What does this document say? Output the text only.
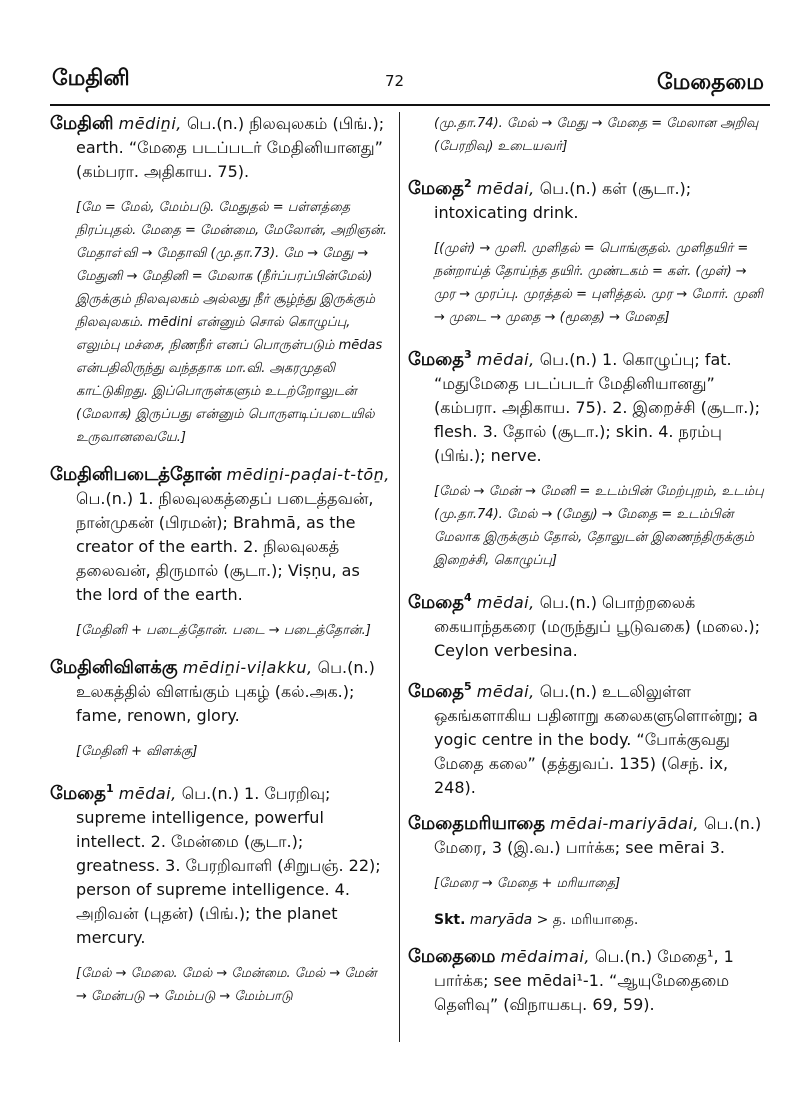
மேதினி	72	மேதைமை

மேதினி mēdiṉi, பெ.(n.) நிலவுலகம் (பிங்.); earth. “மேதை படப்படர் மேதினியானது” (கம்பரா. அதிகாய. 75).

[மே = மேல், மேம்படு. மேதுதல் = பள்ளத்தை நிரப்புதல். மேதை = மேன்மை, மேலோன், அறிஞன். மேதாஎ்வி → மேதாவி (மு.தா.73). மே → மேது → மேதுனி → மேதினி = மேலாக (நீர்ப்பரப்பின்மேல்) இருக்கும் நிலவுலகம் அல்லது நீர் சூழ்ந்து இருக்கும் நிலவுலகம். mēdini என்னும் சொல் கொழுப்பு, எலும்பு மச்சை, நிணநீர் எனப் பொருள்படும் mēdas என்பதிலிருந்து வந்ததாக மா.வி. அகரமுதலி காட்டுகிறது. இப்பொருள்களும் உடற்றோலுடன் (மேலாக) இருப்பது என்னும் பொருளடிப்படையில் உருவானவையே.]

மேதினிபடைத்தோன் mēdiṉi-paḍai-t-tōṉ, பெ.(n.) 1. நிலவுலகத்தைப் படைத்தவன், நான்முகன் (பிரமன்); Brahmā, as the creator of the earth. 2. நிலவுலகத் தலைவன், திருமால் (சூடா.); Viṣṇu, as the lord of the earth.

[மேதினி + படைத்தோன். படை → படைத்தோன்.]

மேதினிவிளக்கு mēdiṉi-viḷakku, பெ.(n.) உலகத்தில் விளங்கும் புகழ் (கல்.அக.); fame, renown, glory.

[மேதினி + விளக்கு]

மேதை$^1$ mēdai, பெ.(n.) 1. பேரறிவு; supreme intelligence, powerful intellect. 2. மேன்மை (சூடா.); greatness. 3. பேரறிவாளி (சிறுபஞ். 22); person of supreme intelligence. 4. அறிவன் (புதன்) (பிங்.); the planet mercury.

[மேல் → மேலை. மேல் → மேன்மை. மேல் → மேன் → மேன்படு → மேம்படு → மேம்பாடு

(மு.தா.74). மேல் → மேது → மேதை = மேலான அறிவு (பேரறிவு) உடையவர்]

மேதை$^2$ mēdai, பெ.(n.) கள் (சூடா.); intoxicating drink.

[(முள்) → முளி. முளிதல் = பொங்குதல். முளிதயிர் = நன்றாய்த் தோய்ந்த தயிர். முண்டகம் = கள். (முள்) → முர → முரப்பு. முரத்தல் = புளித்தல். முர → மோர். முனி → முடை → முதை → (மூதை) → மேதை]

மேதை$^3$ mēdai, பெ.(n.) 1. கொழுப்பு; fat. “மதுமேதை படப்படர் மேதினியானது” (கம்பரா. அதிகாய. 75). 2. இறைச்சி (சூடா.); flesh. 3. தோல் (சூடா.); skin. 4. நரம்பு (பிங்.); nerve.

[மேல் → மேன் → மேனி = உடம்பின் மேற்புறம், உடம்பு (மு.தா.74). மேல் → (மேது) → மேதை = உடம்பின் மேலாக இருக்கும் தோல், தோலுடன் இணைந்திருக்கும் இறைச்சி, கொழுப்பு]

மேதை$^4$ mēdai, பெ.(n.) பொற்றலைக் கையாந்தகரை (மருந்துப் பூடுவகை) (மலை.); Ceylon verbesina.

மேதை$^5$ mēdai, பெ.(n.) உடலிலுள்ள ஒகங்களாகிய பதினாறு கலைகளுளொன்று; a yogic centre in the body. “போக்குவது மேதை கலை” (தத்துவப். 135) (செந். ix, 248).

மேதைமரியாதை mēdai-mariyādai, பெ.(n.) மேரை, 3 (இ.வ.) பார்க்க; see mērai 3.

[மேரை → மேதை + மரியாதை]

Skt. maryāda > த. மரியாதை.

மேதைமை mēdaimai, பெ.(n.) மேதை¹, 1 பார்க்க; see mēdai¹-1. “ஆயுமேதைமை தெளிவு” (விநாயகபு. 69, 59).
